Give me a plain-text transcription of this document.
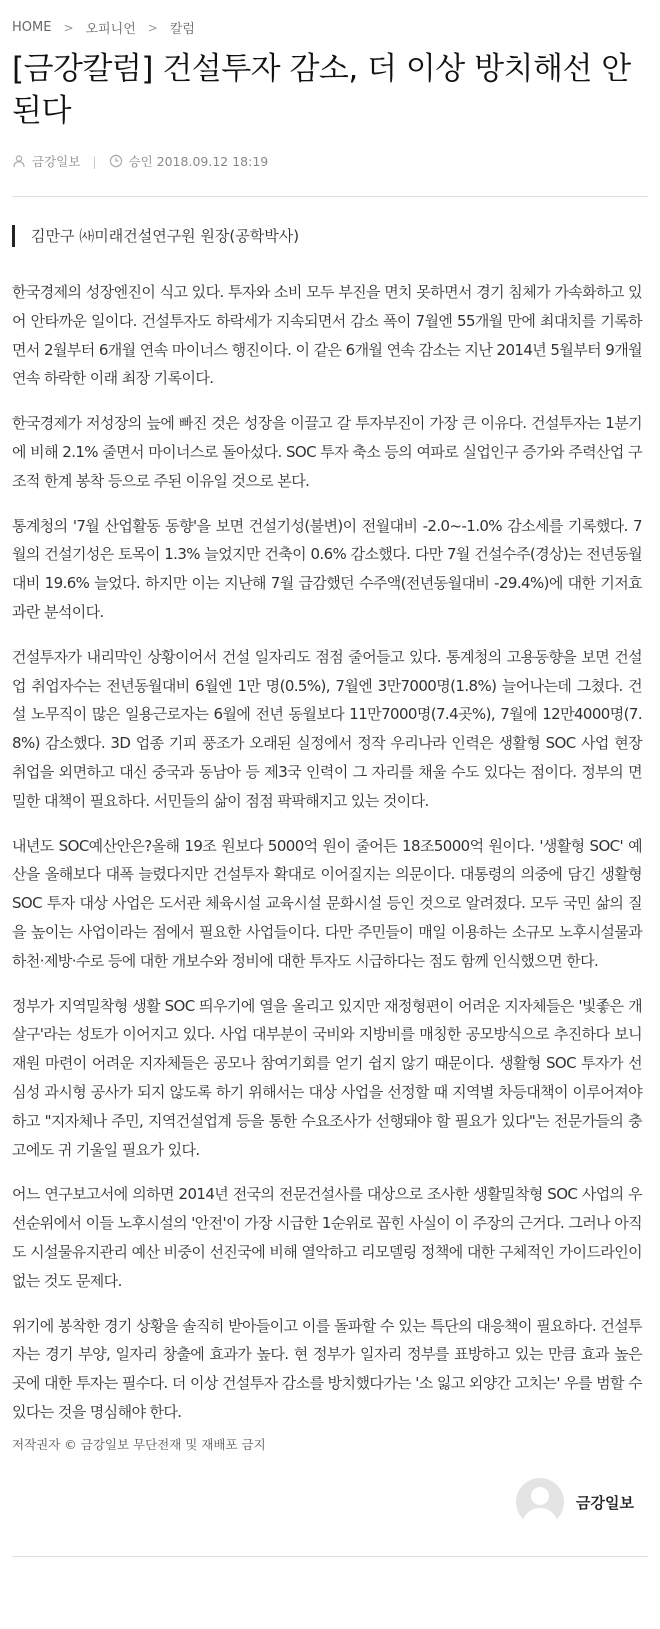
HOME > 오피니언 > 칼럼
[금강칼럼] 건설투자 감소, 더 이상 방치해선 안 된다
금강일보 |	승인 2018.09.12 18:19
김만구 ㈔미래건설연구원 원장(공학박사)

한국경제의 성장엔진이 식고 있다. 투자와 소비 모두 부진을 면치 못하면서 경기 침체가 가속화하고 있어 안타까운 일이다. 건설투자도 하락세가 지속되면서 감소 폭이 7월엔 55개월 만에 최대치를 기록하면서 2월부터 6개월 연속 마이너스 행진이다. 이 같은 6개월 연속 감소는 지난 2014년 5월부터 9개월 연속 하락한 이래 최장 기록이다.

한국경제가 저성장의 늪에 빠진 것은 성장을 이끌고 갈 투자부진이 가장 큰 이유다. 건설투자는 1분기에 비해 2.1% 줄면서 마이너스로 돌아섰다. SOC 투자 축소 등의 여파로 실업인구 증가와 주력산업 구조적 한계 봉착 등으로 주된 이유일 것으로 본다.

통계청의 '7월 산업활동 동향'을 보면 건설기성(불변)이 전월대비 -2.0~-1.0% 감소세를 기록했다. 7월의 건설기성은 토목이 1.3% 늘었지만 건축이 0.6% 감소했다. 다만 7월 건설수주(경상)는 전년동월대비 19.6% 늘었다. 하지만 이는 지난해 7월 급감했던 수주액(전년동월대비 -29.4%)에 대한 기저효과란 분석이다.

건설투자가 내리막인 상황이어서 건설 일자리도 점점 줄어들고 있다. 통계청의 고용동향을 보면 건설업 취업자수는 전년동월대비 6월엔 1만 명(0.5%), 7월엔 3만7000명(1.8%) 늘어나는데 그쳤다. 건설 노무직이 많은 일용근로자는 6월에 전년 동월보다 11만7000명(7.4곳%), 7월에 12만4000명(7.8%) 감소했다. 3D 업종 기피 풍조가 오래된 실정에서 정작 우리나라 인력은 생활형 SOC 사업 현장 취업을 외면하고 대신 중국과 동남아 등 제3국 인력이 그 자리를 채울 수도 있다는 점이다. 정부의 면밀한 대책이 필요하다. 서민들의 삶이 점점 팍팍해지고 있는 것이다.

내년도 SOC예산안은?올해 19조 원보다 5000억 원이 줄어든 18조5000억 원이다. '생활형 SOC' 예산을 올해보다 대폭 늘렸다지만 건설투자 확대로 이어질지는 의문이다. 대통령의 의중에 담긴 생활형 SOC 투자 대상 사업은 도서관 체육시설 교육시설 문화시설 등인 것으로 알려졌다. 모두 국민 삶의 질을 높이는 사업이라는 점에서 필요한 사업들이다. 다만 주민들이 매일 이용하는 소규모 노후시설물과 하천·제방·수로 등에 대한 개보수와 정비에 대한 투자도 시급하다는 점도 함께 인식했으면 한다.

정부가 지역밀착형 생활 SOC 띄우기에 열을 올리고 있지만 재정형편이 어려운 지자체들은 '빛좋은 개살구'라는 성토가 이어지고 있다. 사업 대부분이 국비와 지방비를 매칭한 공모방식으로 추진하다 보니 재원 마련이 어려운 지자체들은 공모나 참여기회를 얻기 쉽지 않기 때문이다. 생활형 SOC 투자가 선심성 과시형 공사가 되지 않도록 하기 위해서는 대상 사업을 선정할 때 지역별 차등대책이 이루어져야 하고 "지자체나 주민, 지역건설업계 등을 통한 수요조사가 선행돼야 할 필요가 있다"는 전문가들의 충고에도 귀 기울일 필요가 있다.

어느 연구보고서에 의하면 2014년 전국의 전문건설사를 대상으로 조사한 생활밀착형 SOC 사업의 우선순위에서 이들 노후시설의 '안전'이 가장 시급한 1순위로 꼽힌 사실이 이 주장의 근거다. 그러나 아직도 시설물유지관리 예산 비중이 선진국에 비해 열악하고 리모델링 정책에 대한 구체적인 가이드라인이 없는 것도 문제다.

위기에 봉착한 경기 상황을 솔직히 받아들이고 이를 돌파할 수 있는 특단의 대응책이 필요하다. 건설투자는 경기 부양, 일자리 창출에 효과가 높다. 현 정부가 일자리 정부를 표방하고 있는 만큼 효과 높은 곳에 대한 투자는 필수다. 더 이상 건설투자 감소를 방치했다가는 '소 잃고 외양간 고치는' 우를 범할 수 있다는 것을 명심해야 한다.

저작권자 © 금강일보 무단전재 및 재배포 금지
금강일보
